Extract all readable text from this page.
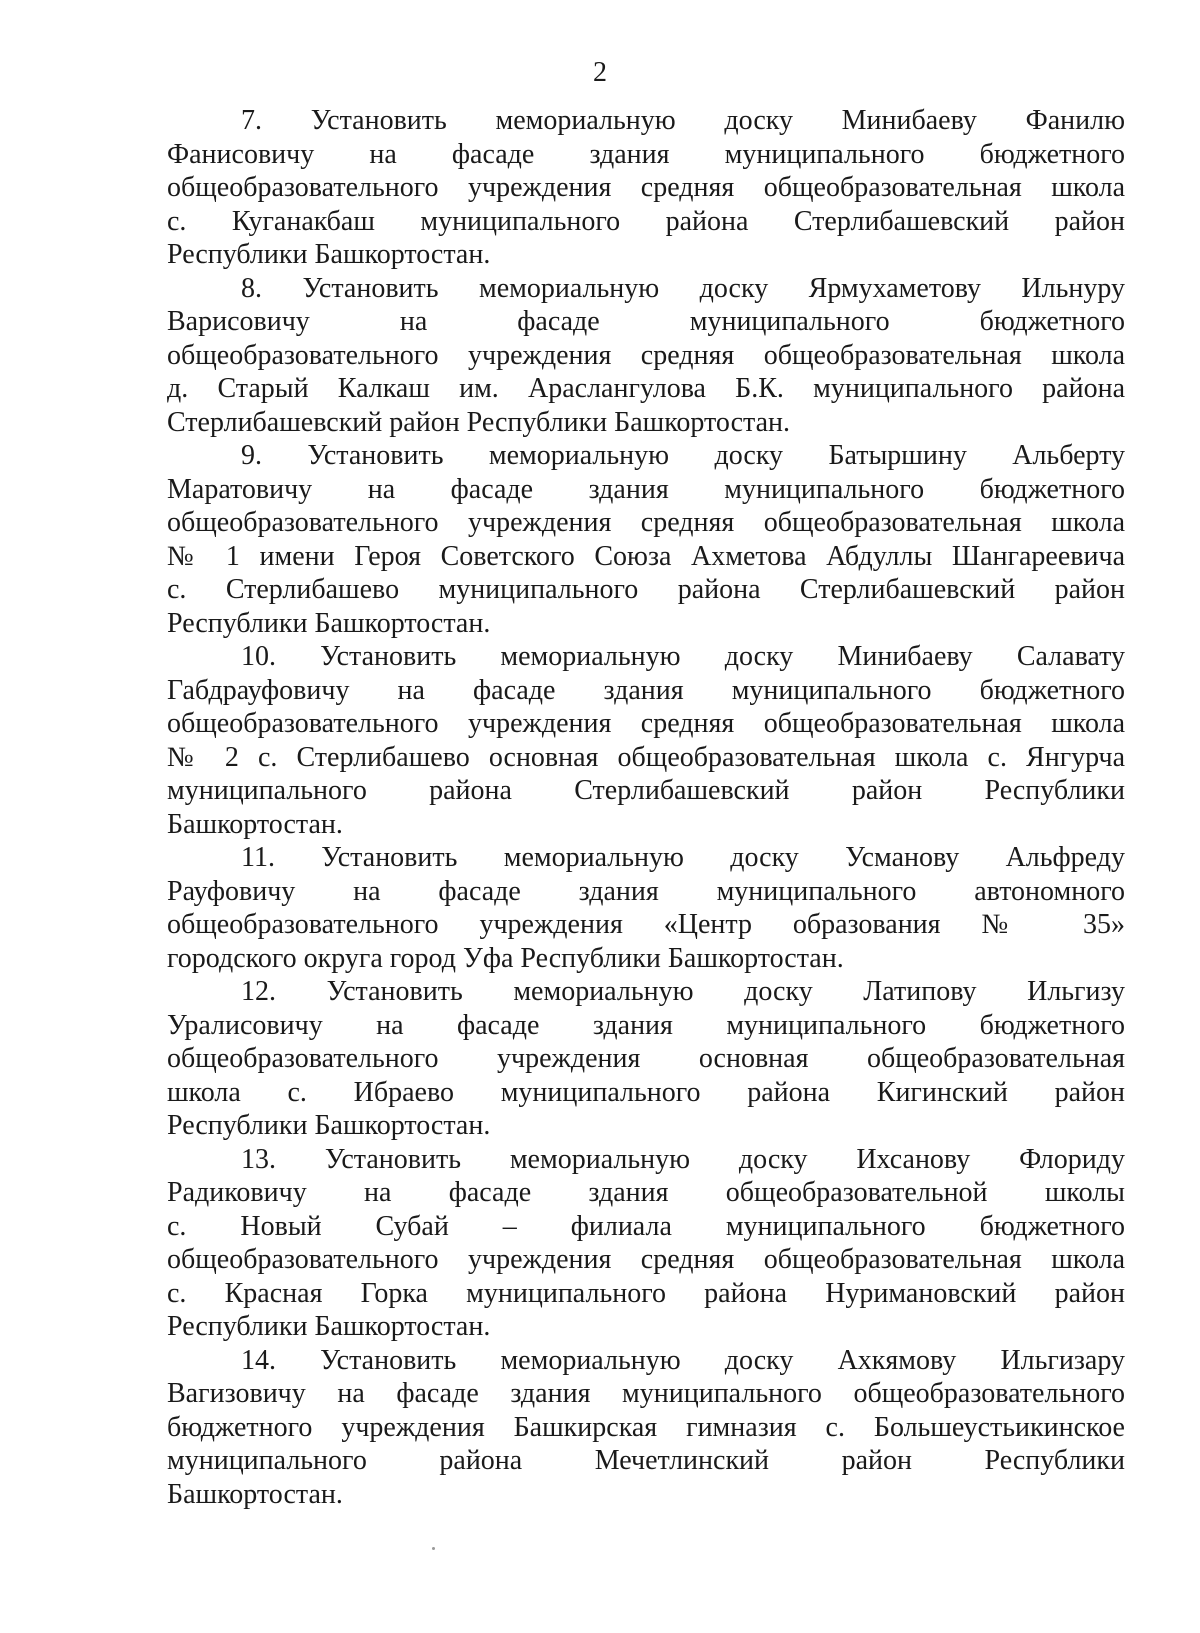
2
7. Установить мемориальную доску Минибаеву Фанилю
Фанисовичу на фасаде здания муниципального бюджетного
общеобразовательного учреждения средняя общеобразовательная школа
с. Куганакбаш муниципального района Стерлибашевский район
Республики Башкортостан.
8. Установить мемориальную доску Ярмухаметову Ильнуру
Варисовичу на фасаде муниципального бюджетного
общеобразовательного учреждения средняя общеобразовательная школа
д. Старый Калкаш им. Араслангулова Б.К. муниципального района
Стерлибашевский район Республики Башкортостан.
9. Установить мемориальную доску Батыршину Альберту
Маратовичу на фасаде здания муниципального бюджетного
общеобразовательного учреждения средняя общеобразовательная школа
№ 1 имени Героя Советского Союза Ахметова Абдуллы Шангареевича
с. Стерлибашево муниципального района Стерлибашевский район
Республики Башкортостан.
10. Установить мемориальную доску Минибаеву Салавату
Габдрауфовичу на фасаде здания муниципального бюджетного
общеобразовательного учреждения средняя общеобразовательная школа
№ 2 с. Стерлибашево основная общеобразовательная школа с. Янгурча
муниципального района Стерлибашевский район Республики
Башкортостан.
11. Установить мемориальную доску Усманову Альфреду
Рауфовичу на фасаде здания муниципального автономного
общеобразовательного учреждения «Центр образования № 35»
городского округа город Уфа Республики Башкортостан.
12. Установить мемориальную доску Латипову Ильгизу
Уралисовичу на фасаде здания муниципального бюджетного
общеобразовательного учреждения основная общеобразовательная
школа с. Ибраево муниципального района Кигинский район
Республики Башкортостан.
13. Установить мемориальную доску Ихсанову Флориду
Радиковичу на фасаде здания общеобразовательной школы
с. Новый Субай – филиала муниципального бюджетного
общеобразовательного учреждения средняя общеобразовательная школа
с. Красная Горка муниципального района Нуримановский район
Республики Башкортостан.
14. Установить мемориальную доску Ахкямову Ильгизару
Вагизовичу на фасаде здания муниципального общеобразовательного
бюджетного учреждения Башкирская гимназия с. Большеустьикинское
муниципального района Мечетлинский район Республики
Башкортостан.
